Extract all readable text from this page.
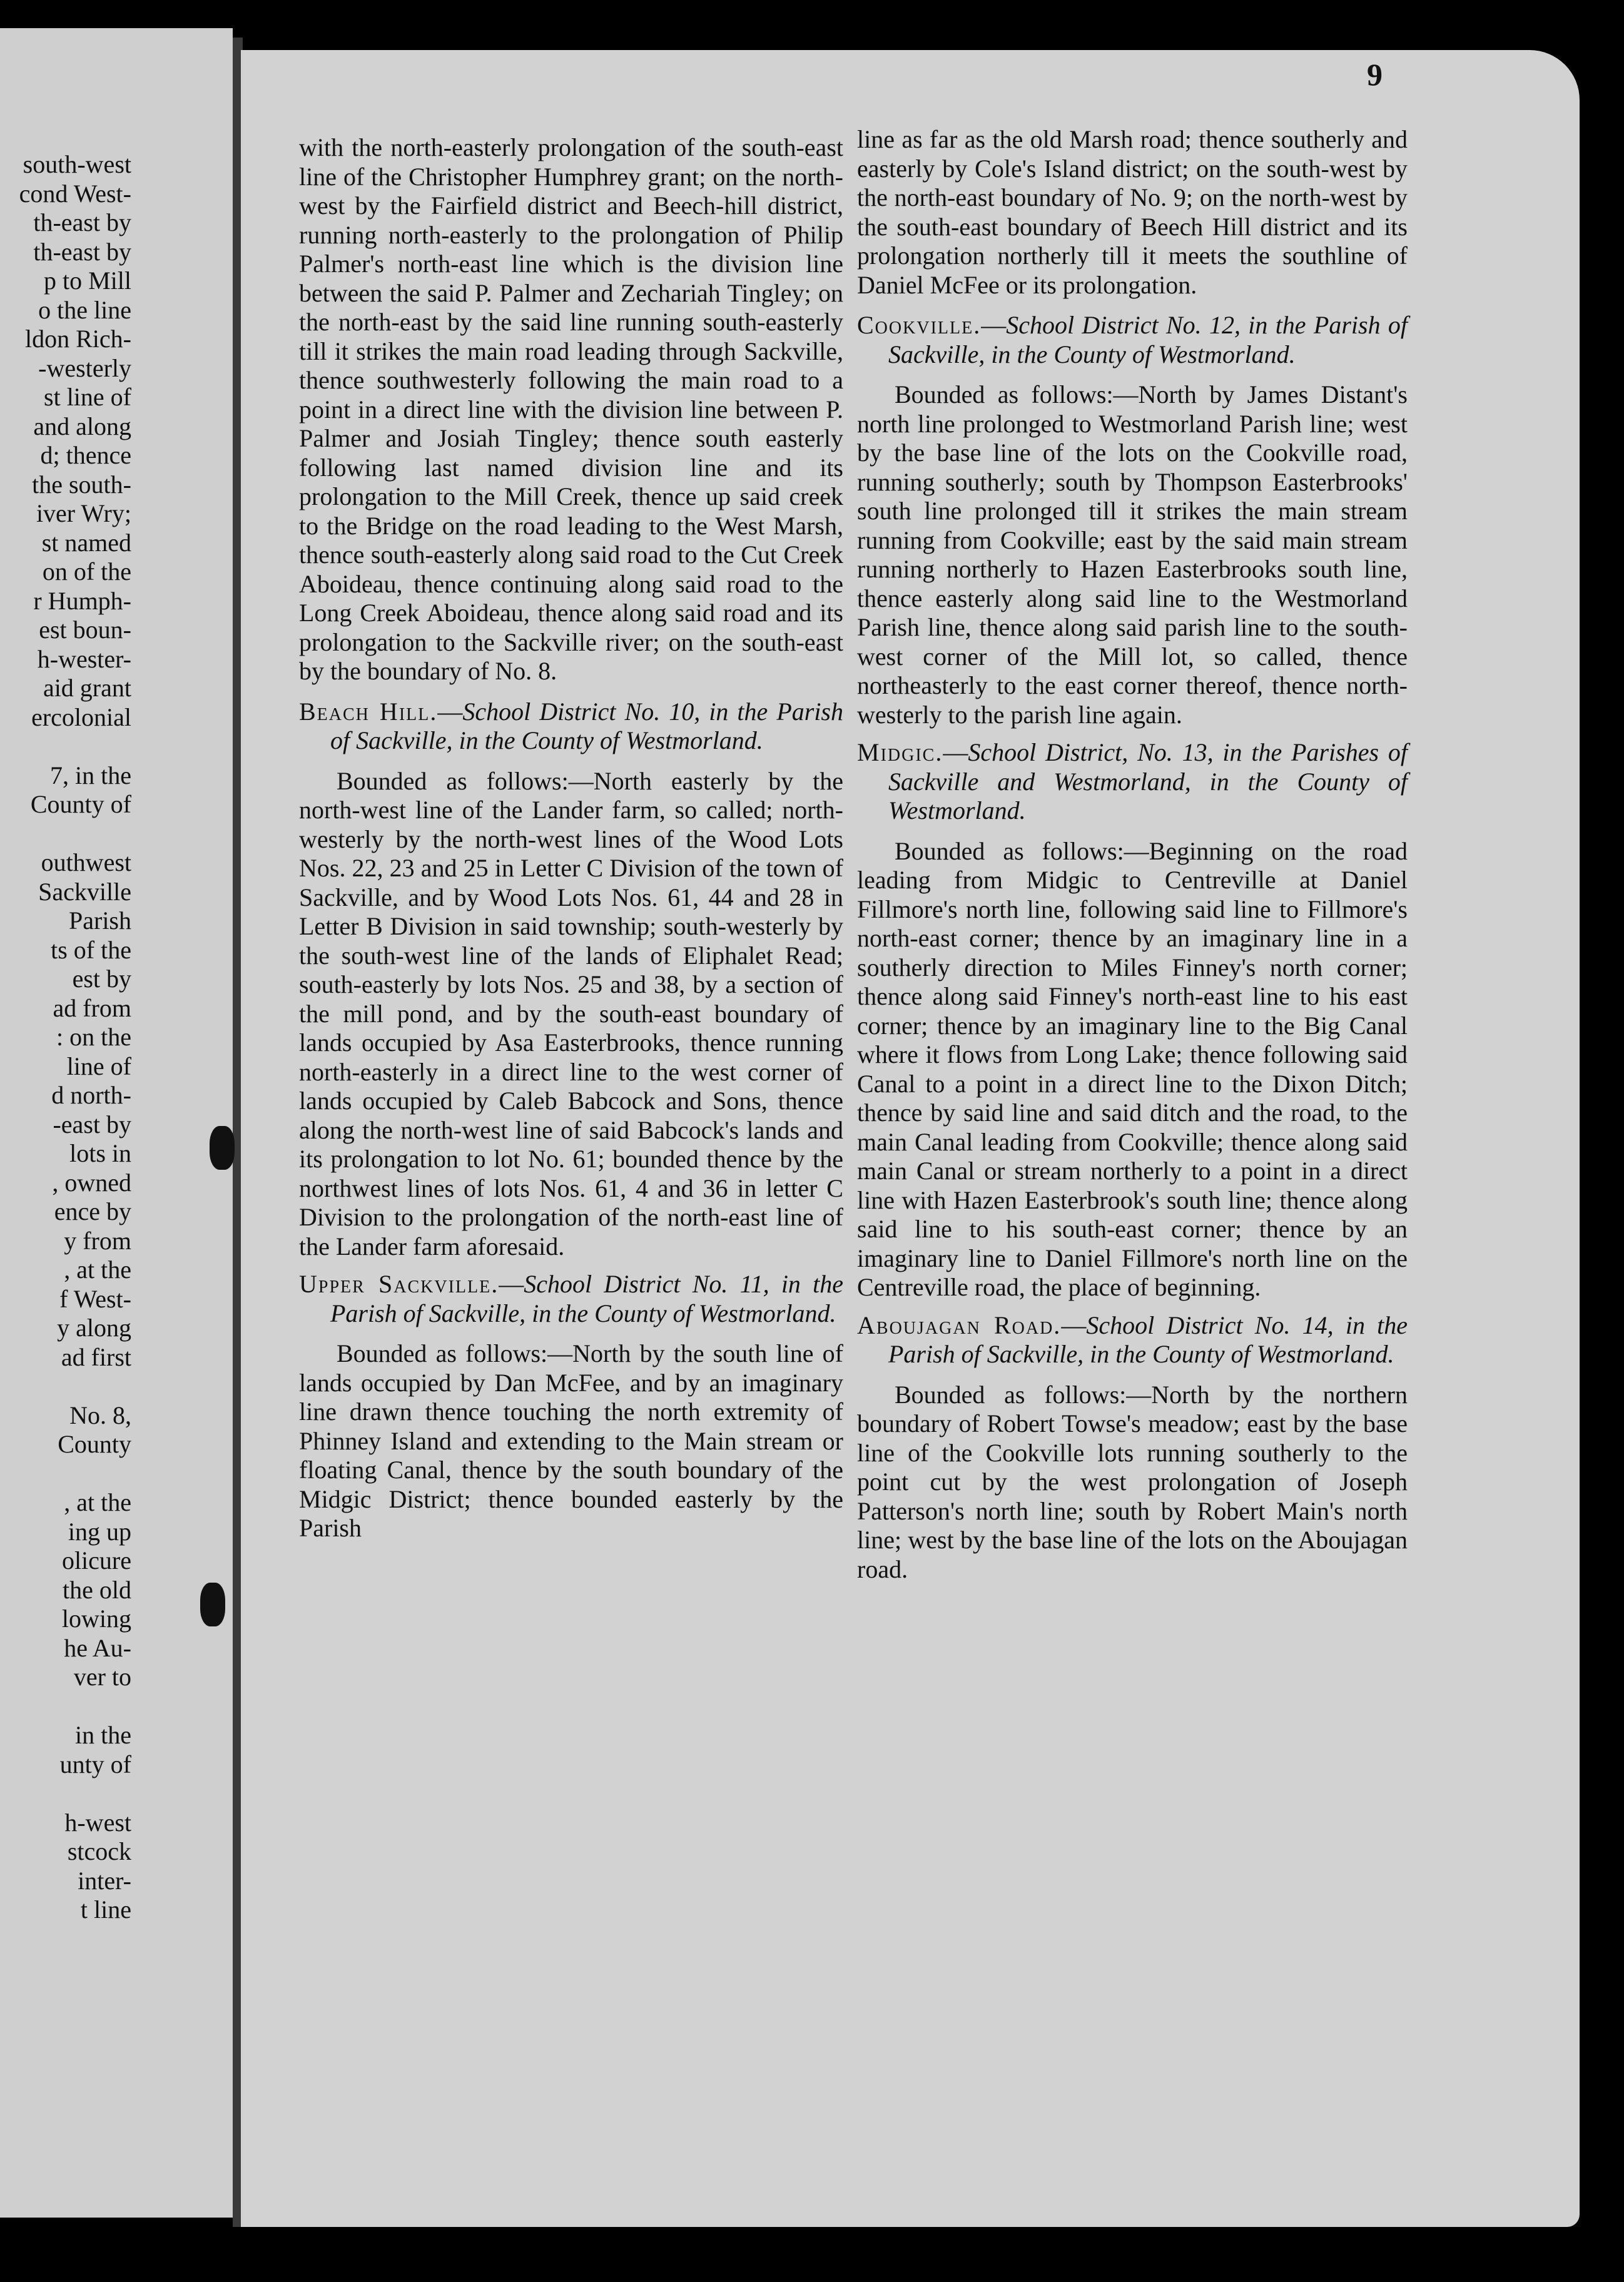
south-west
cond West-
th-east by
th-east by
p to Mill
o the line
ldon Rich-
-westerly
st line of
and along
d; thence
the south-
iver Wry;
st named
on of the
r Humph-
est boun-
h-wester-
aid grant
ercolonial
7, in the
County of
outhwest
Sackville
Parish
ts of the
est by
ad from
: on the
line of
d north-
-east by
lots in
, owned
ence by
y from
, at the
f West-
y along
ad first
No. 8,
County
, at the
ing up
olicure
the old
lowing
he Au-
ver to
in the
unty of
h-west
stcock
inter-
t line
9

with the north-easterly prolongation of the south-east line of the Christopher Humphrey grant; on the north-west by the Fairfield district and Beech-hill district, running north-easterly to the prolongation of Philip Palmer's north-east line which is the division line between the said P. Palmer and Zechariah Tingley; on the north-east by the said line running south-easterly till it strikes the main road leading through Sackville, thence southwesterly following the main road to a point in a direct line with the division line between P. Palmer and Josiah Tingley; thence south easterly following last named division line and its prolongation to the Mill Creek, thence up said creek to the Bridge on the road leading to the West Marsh, thence south-easterly along said road to the Cut Creek Aboideau, thence continuing along said road to the Long Creek Aboideau, thence along said road and its prolongation to the Sackville river; on the south-east by the boundary of No. 8.

Beach Hill.—School District No. 10, in the Parish of Sackville, in the County of Westmorland.

Bounded as follows:—North easterly by the north-west line of the Lander farm, so called; north-westerly by the north-west lines of the Wood Lots Nos. 22, 23 and 25 in Letter C Division of the town of Sackville, and by Wood Lots Nos. 61, 44 and 28 in Letter B Division in said township; south-westerly by the south-west line of the lands of Eliphalet Read; south-easterly by lots Nos. 25 and 38, by a section of the mill pond, and by the south-east boundary of lands occupied by Asa Easterbrooks, thence running north-easterly in a direct line to the west corner of lands occupied by Caleb Babcock and Sons, thence along the north-west line of said Babcock's lands and its prolongation to lot No. 61; bounded thence by the northwest lines of lots Nos. 61, 4 and 36 in letter C Division to the prolongation of the north-east line of the Lander farm aforesaid.

Upper Sackville.—School District No. 11, in the Parish of Sackville, in the County of Westmorland.

Bounded as follows:—North by the south line of lands occupied by Dan McFee, and by an imaginary line drawn thence touching the north extremity of Phinney Island and extending to the Main stream or floating Canal, thence by the south boundary of the Midgic District; thence bounded easterly by the Parish

line as far as the old Marsh road; thence southerly and easterly by Cole's Island district; on the south-west by the north-east boundary of No. 9; on the north-west by the south-east boundary of Beech Hill district and its prolongation northerly till it meets the southline of Daniel McFee or its prolongation.

Cookville.—School District No. 12, in the Parish of Sackville, in the County of Westmorland.

Bounded as follows:—North by James Distant's north line prolonged to Westmorland Parish line; west by the base line of the lots on the Cookville road, running southerly; south by Thompson Easterbrooks' south line prolonged till it strikes the main stream running from Cookville; east by the said main stream running northerly to Hazen Easterbrooks south line, thence easterly along said line to the Westmorland Parish line, thence along said parish line to the south-west corner of the Mill lot, so called, thence northeasterly to the east corner thereof, thence north-westerly to the parish line again.

Midgic.—School District, No. 13, in the Parishes of Sackville and Westmorland, in the County of Westmorland.

Bounded as follows:—Beginning on the road leading from Midgic to Centreville at Daniel Fillmore's north line, following said line to Fillmore's north-east corner; thence by an imaginary line in a southerly direction to Miles Finney's north corner; thence along said Finney's north-east line to his east corner; thence by an imaginary line to the Big Canal where it flows from Long Lake; thence following said Canal to a point in a direct line to the Dixon Ditch; thence by said line and said ditch and the road, to the main Canal leading from Cookville; thence along said main Canal or stream northerly to a point in a direct line with Hazen Easterbrook's south line; thence along said line to his south-east corner; thence by an imaginary line to Daniel Fillmore's north line on the Centreville road, the place of beginning.

Aboujagan Road.—School District No. 14, in the Parish of Sackville, in the County of Westmorland.

Bounded as follows:—North by the northern boundary of Robert Towse's meadow; east by the base line of the Cookville lots running southerly to the point cut by the west prolongation of Joseph Patterson's north line; south by Robert Main's north line; west by the base line of the lots on the Aboujagan road.
